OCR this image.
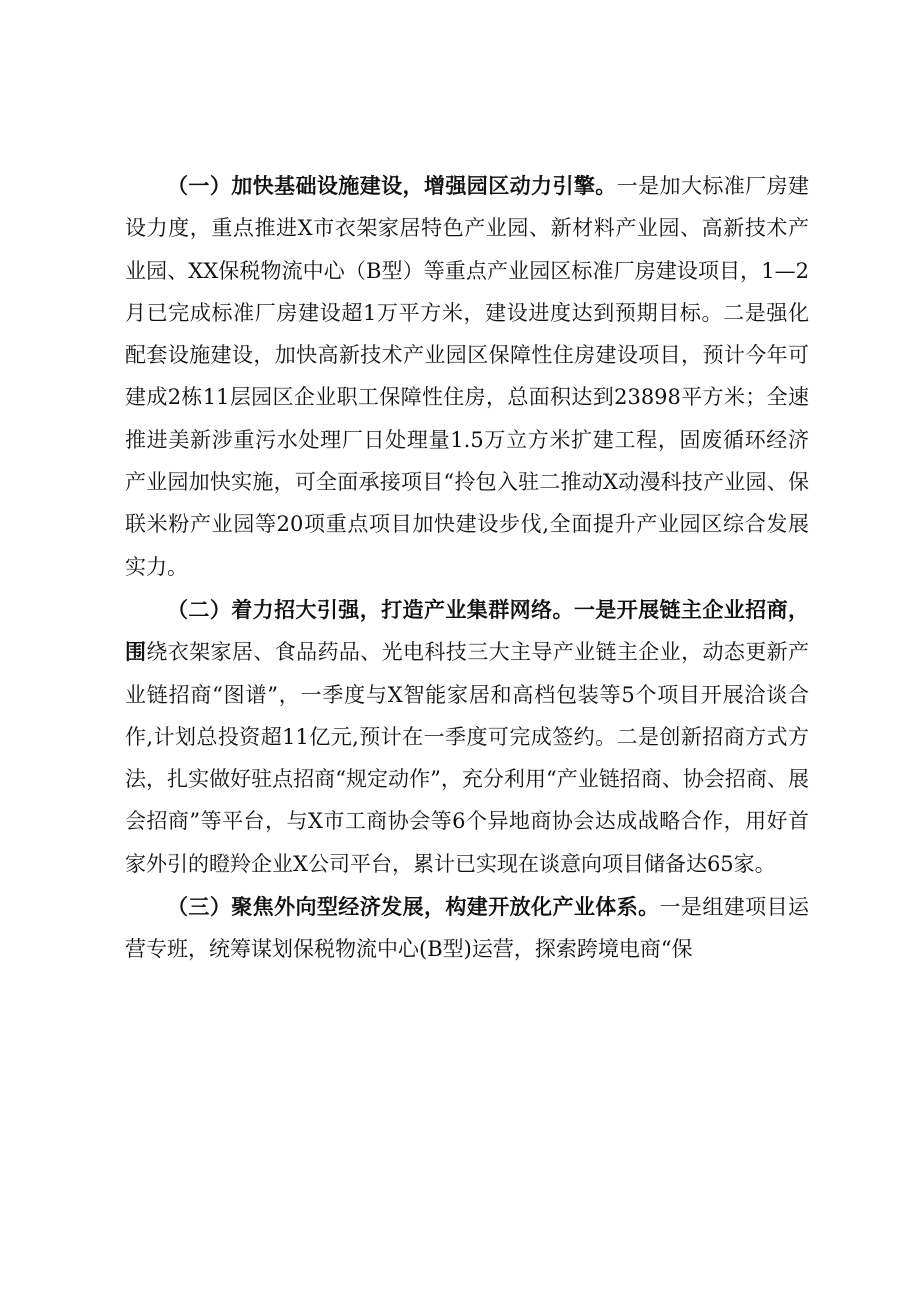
（一）加快基础设施建设，增强园区动力引擎。一是加大标准厂房建设力度，重点推进X市衣架家居特色产业园、新材料产业园、高新技术产业园、XX保税物流中心（B型）等重点产业园区标准厂房建设项目，1—2月已完成标准厂房建设超1万平方米，建设进度达到预期目标。二是强化配套设施建设，加快高新技术产业园区保障性住房建设项目，预计今年可建成2栋11层园区企业职工保障性住房，总面积达到23898平方米；全速推进美新涉重污水处理厂日处理量1.5万立方米扩建工程，固废循环经济产业园加快实施，可全面承接项目“拎包入驻二推动X动漫科技产业园、保联米粉产业园等20项重点项目加快建设步伐,全面提升产业园区综合发展实力。

（二）着力招大引强，打造产业集群网络。一是开展链主企业招商，围绕衣架家居、食品药品、光电科技三大主导产业链主企业，动态更新产业链招商“图谱”，一季度与X智能家居和高档包装等5个项目开展洽谈合作,计划总投资超11亿元,预计在一季度可完成签约。二是创新招商方式方法，扎实做好驻点招商“规定动作”，充分利用“产业链招商、协会招商、展会招商”等平台，与X市工商协会等6个异地商协会达成战略合作，用好首家外引的瞪羚企业X公司平台，累计已实现在谈意向项目储备达65家。

（三）聚焦外向型经济发展，构建开放化产业体系。一是组建项目运营专班，统筹谋划保税物流中心(B型)运营，探索跨境电商“保
